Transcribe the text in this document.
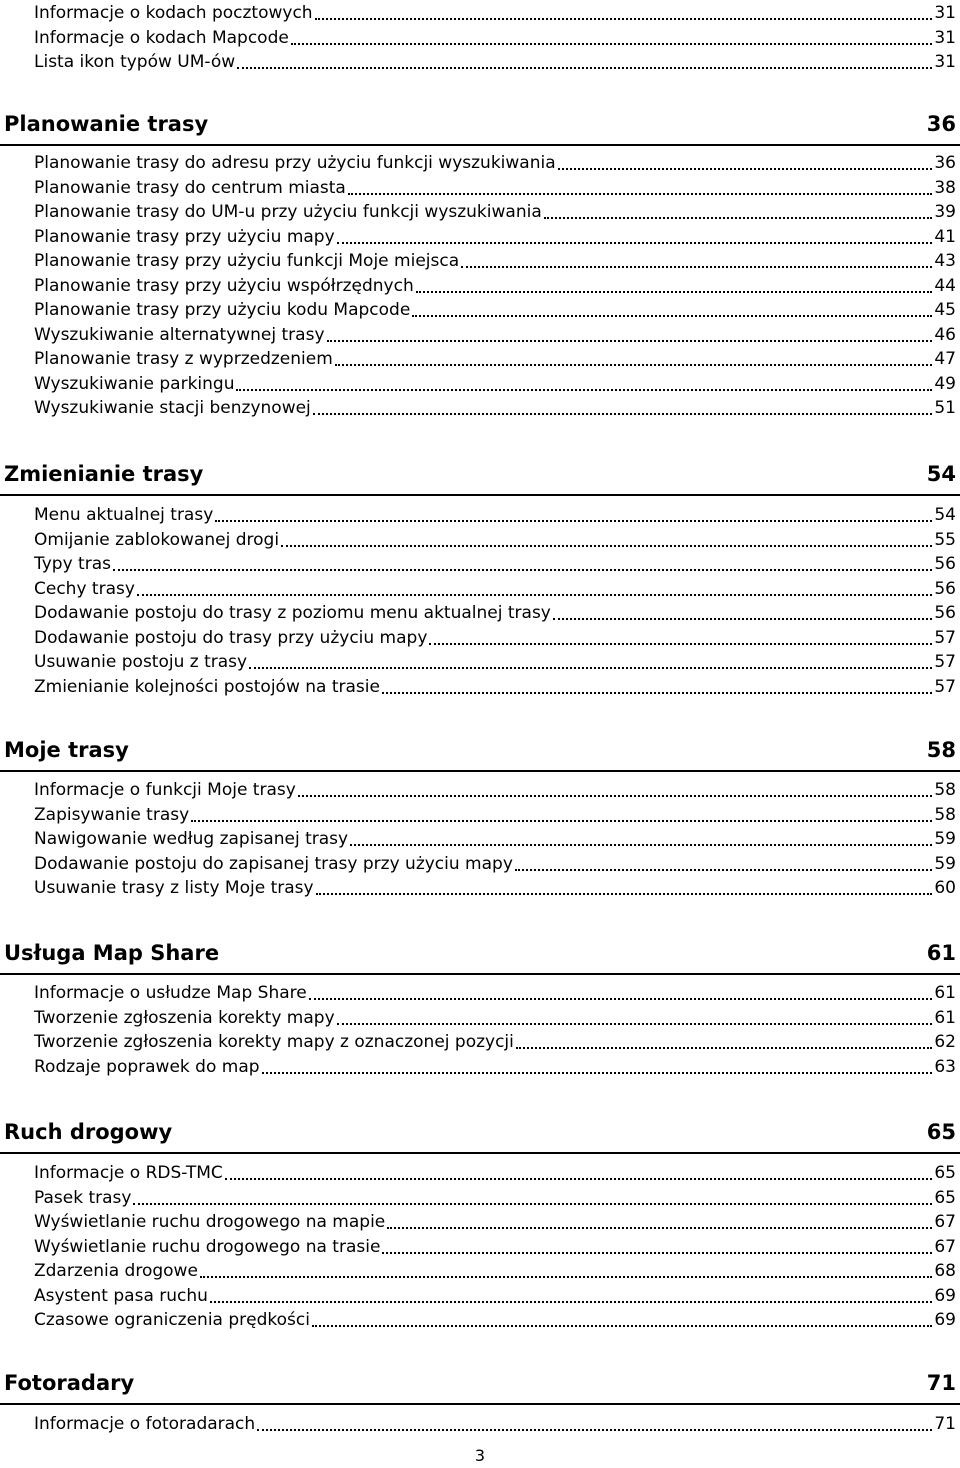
Informacje o kodach pocztowych	31
Informacje o kodach Mapcode	31
Lista ikon typów UM-ów	31
Planowanie trasy	36
Planowanie trasy do adresu przy użyciu funkcji wyszukiwania	36
Planowanie trasy do centrum miasta	38
Planowanie trasy do UM-u przy użyciu funkcji wyszukiwania	39
Planowanie trasy przy użyciu mapy	41
Planowanie trasy przy użyciu funkcji Moje miejsca	43
Planowanie trasy przy użyciu współrzędnych	44
Planowanie trasy przy użyciu kodu Mapcode	45
Wyszukiwanie alternatywnej trasy	46
Planowanie trasy z wyprzedzeniem	47
Wyszukiwanie parkingu	49
Wyszukiwanie stacji benzynowej	51
Zmienianie trasy	54
Menu aktualnej trasy	54
Omijanie zablokowanej drogi	55
Typy tras	56
Cechy trasy	56
Dodawanie postoju do trasy z poziomu menu aktualnej trasy	56
Dodawanie postoju do trasy przy użyciu mapy	57
Usuwanie postoju z trasy	57
Zmienianie kolejności postojów na trasie	57
Moje trasy	58
Informacje o funkcji Moje trasy	58
Zapisywanie trasy	58
Nawigowanie według zapisanej trasy	59
Dodawanie postoju do zapisanej trasy przy użyciu mapy	59
Usuwanie trasy z listy Moje trasy	60
Usługa Map Share	61
Informacje o usłudze Map Share	61
Tworzenie zgłoszenia korekty mapy	61
Tworzenie zgłoszenia korekty mapy z oznaczonej pozycji	62
Rodzaje poprawek do map	63
Ruch drogowy	65
Informacje o RDS-TMC	65
Pasek trasy	65
Wyświetlanie ruchu drogowego na mapie	67
Wyświetlanie ruchu drogowego na trasie	67
Zdarzenia drogowe	68
Asystent pasa ruchu	69
Czasowe ograniczenia prędkości	69
Fotoradary	71
Informacje o fotoradarach	71
3
